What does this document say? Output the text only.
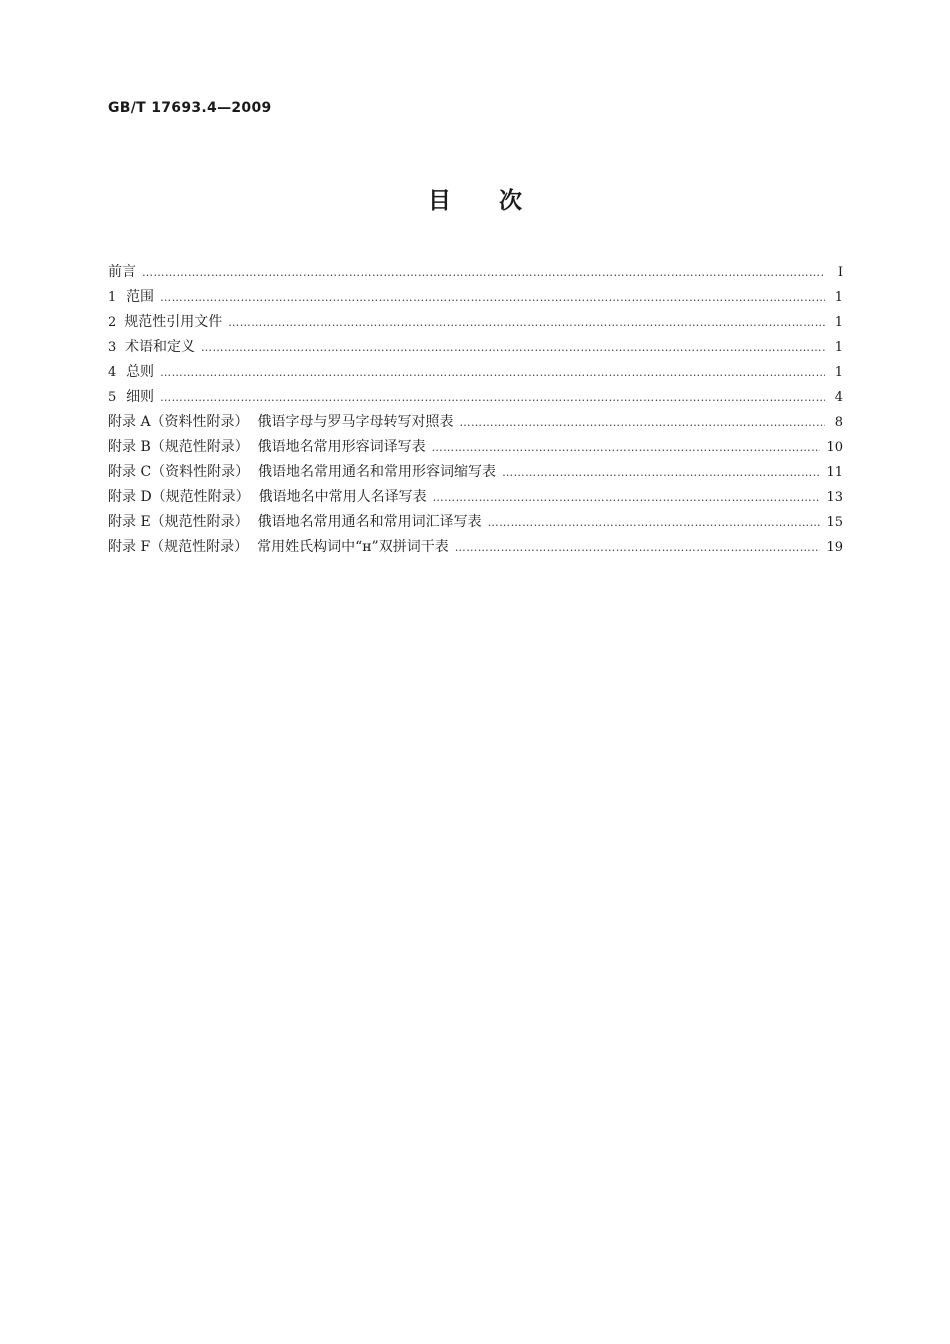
GB/T 17693.4—2009
目 次
前言 ……………………………………………………………………………………………………………………………………………………………………………………………………………………	Ⅰ
1 范围 ……………………………………………………………………………………………………………………………………………………………………………………………………………………	1
2 规范性引用文件 ……………………………………………………………………………………………………………………………………………………………………………………………………………………	1
3 术语和定义 ……………………………………………………………………………………………………………………………………………………………………………………………………………………	1
4 总则 ……………………………………………………………………………………………………………………………………………………………………………………………………………………	1
5 细则 ……………………………………………………………………………………………………………………………………………………………………………………………………………………	4
附录 A（资料性附录）  俄语字母与罗马字母转写对照表 ……………………………………………………………………………………………………………………………………………………………………………………………………………………	8
附录 B（规范性附录）  俄语地名常用形容词译写表 ……………………………………………………………………………………………………………………………………………………………………………………………………………………	10
附录 C（资料性附录）  俄语地名常用通名和常用形容词缩写表 ……………………………………………………………………………………………………………………………………………………………………………………………………………………	11
附录 D（规范性附录）  俄语地名中常用人名译写表 ……………………………………………………………………………………………………………………………………………………………………………………………………………………	13
附录 E（规范性附录）  俄语地名常用通名和常用词汇译写表 ……………………………………………………………………………………………………………………………………………………………………………………………………………………	15
附录 F（规范性附录）  常用姓氏构词中“н”双拼词干表 ……………………………………………………………………………………………………………………………………………………………………………………………………………………	19
